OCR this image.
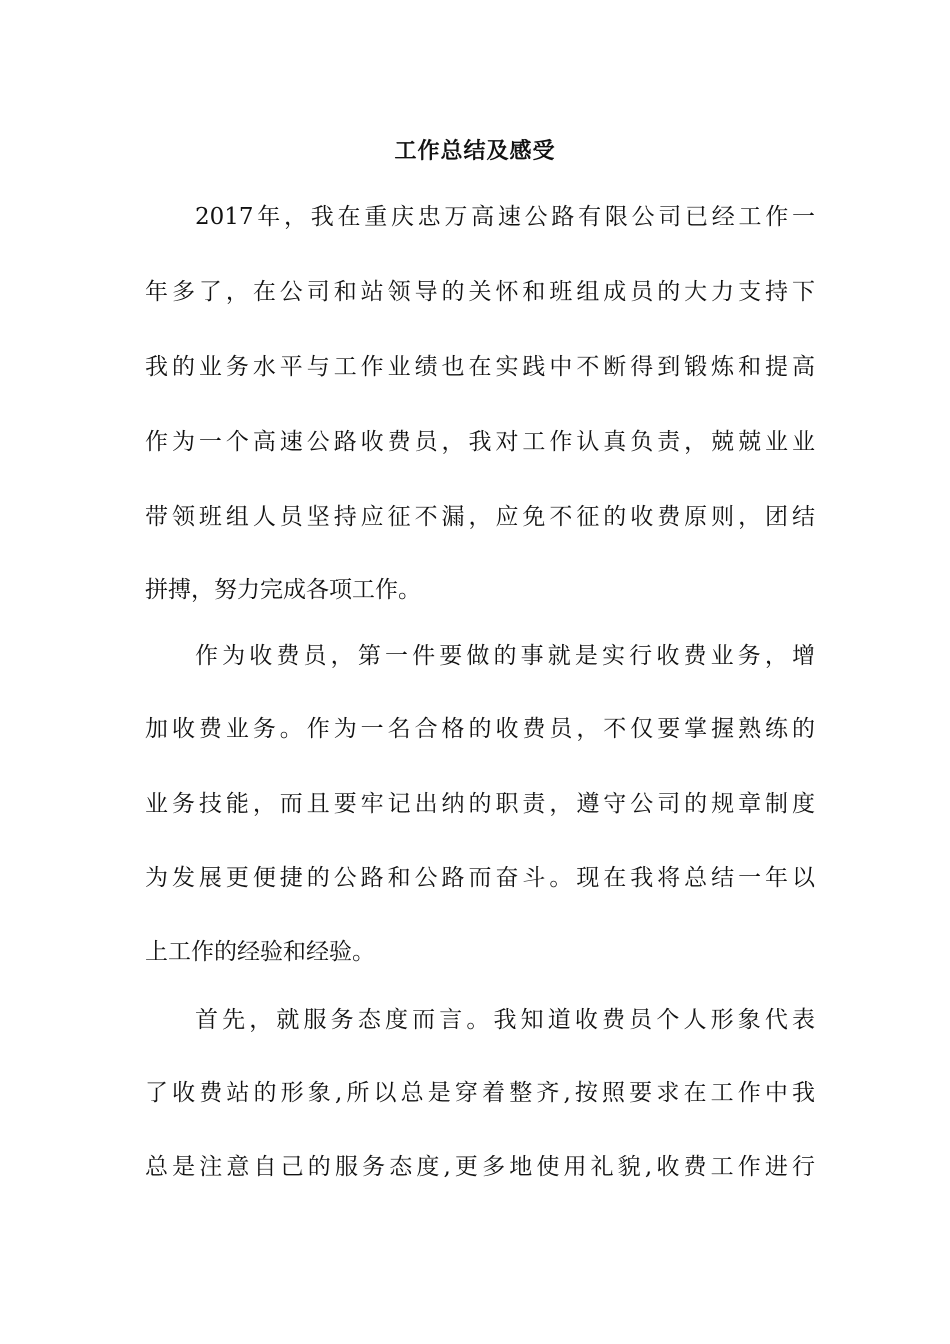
工作总结及感受
2017年，我在重庆忠万高速公路有限公司已经工作一
年多了，在公司和站领导的关怀和班组成员的大力支持下
我的业务水平与工作业绩也在实践中不断得到锻炼和提高
作为一个高速公路收费员，我对工作认真负责，兢兢业业
带领班组人员坚持应征不漏，应免不征的收费原则，团结
拼搏，努力完成各项工作。
作为收费员，第一件要做的事就是实行收费业务，增
加收费业务。作为一名合格的收费员，不仅要掌握熟练的
业务技能，而且要牢记出纳的职责，遵守公司的规章制度
为发展更便捷的公路和公路而奋斗。现在我将总结一年以
上工作的经验和经验。
首先，就服务态度而言。我知道收费员个人形象代表
了收费站的形象,所以总是穿着整齐,按照要求在工作中我
总是注意自己的服务态度,更多地使用礼貌,收费工作进行
